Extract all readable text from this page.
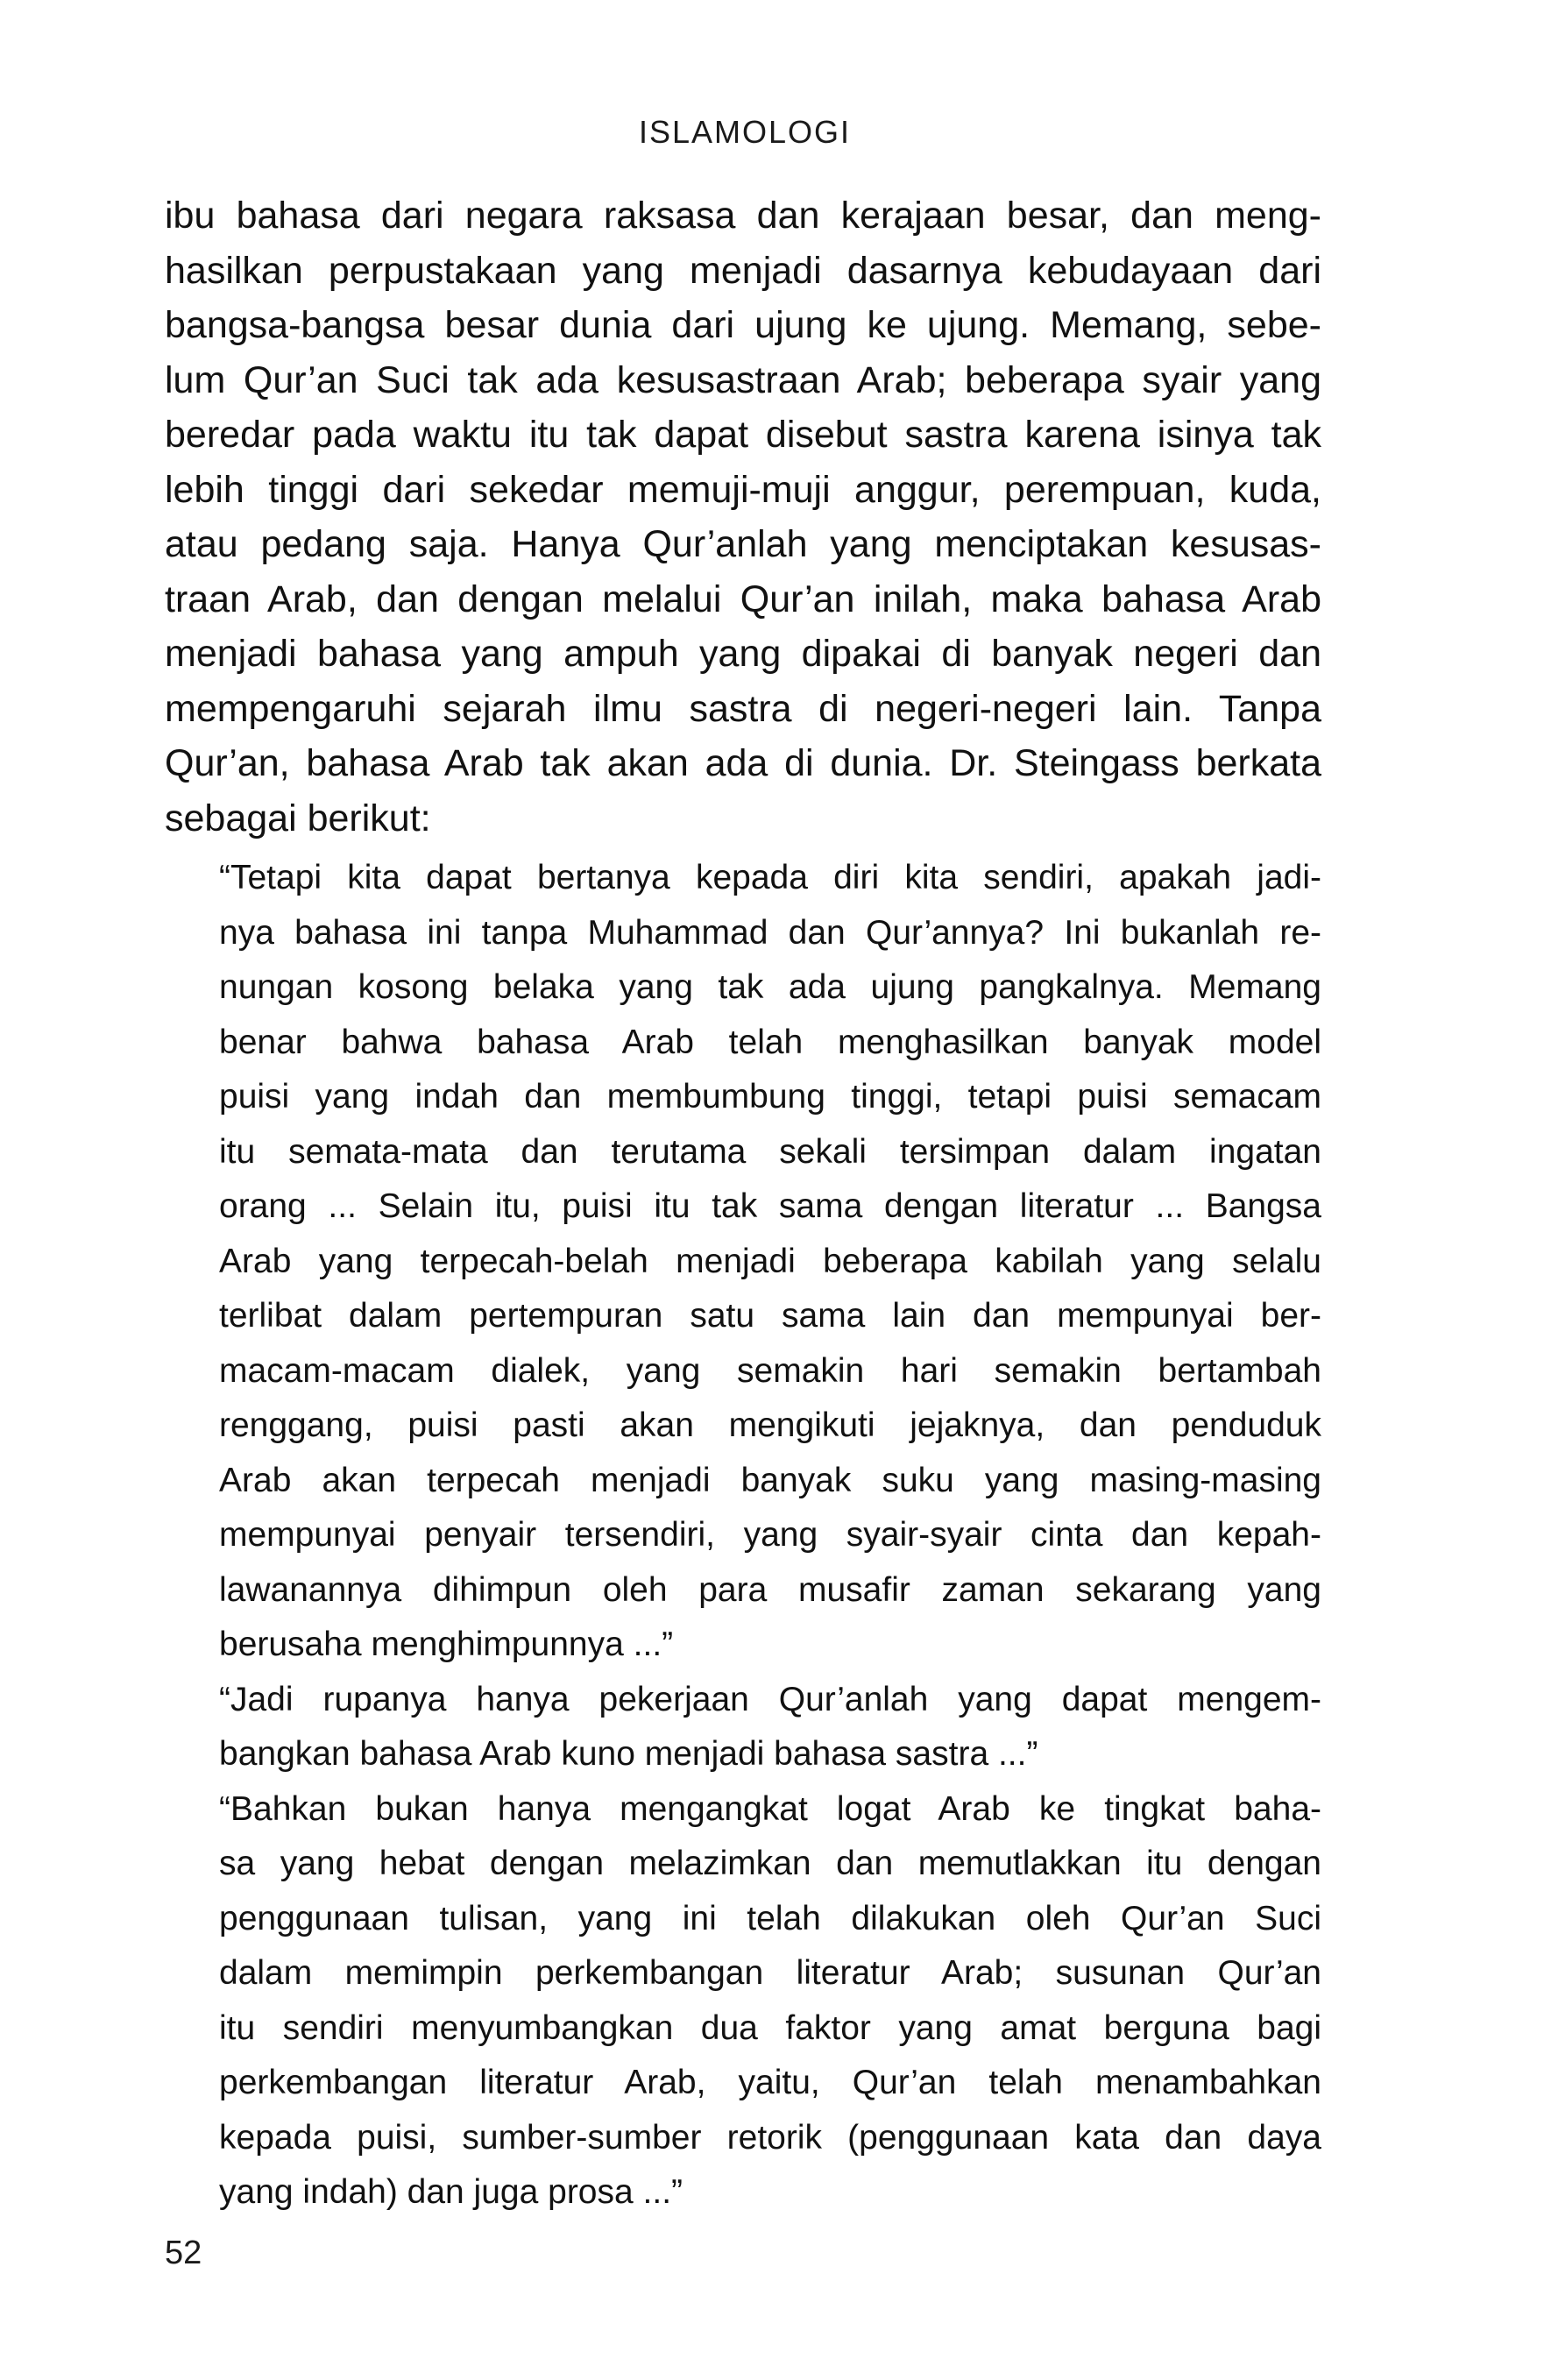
ISLAMOLOGI

ibu bahasa dari negara raksasa dan kerajaan besar, dan meng-
hasilkan perpustakaan yang menjadi dasarnya kebudayaan dari
bangsa-bangsa besar dunia dari ujung ke ujung. Memang, sebe-
lum Qur’an Suci tak ada kesusastraan Arab; beberapa syair yang
beredar pada waktu itu tak dapat disebut sastra karena isinya tak
lebih tinggi dari sekedar memuji-muji anggur, perempuan, kuda,
atau pedang saja. Hanya Qur’anlah yang menciptakan kesusas-
traan Arab, dan dengan melalui Qur’an inilah, maka bahasa Arab
menjadi bahasa yang ampuh yang dipakai di banyak negeri dan
mempengaruhi sejarah ilmu sastra di negeri-negeri lain. Tanpa
Qur’an, bahasa Arab tak akan ada di dunia. Dr. Steingass berkata
sebagai berikut:

“Tetapi kita dapat bertanya kepada diri kita sendiri, apakah jadi-
nya bahasa ini tanpa Muhammad dan Qur’annya? Ini bukanlah re-
nungan kosong belaka yang tak ada ujung pangkalnya. Memang
benar bahwa bahasa Arab telah menghasilkan banyak model
puisi yang indah dan membumbung tinggi, tetapi puisi semacam
itu semata-mata dan terutama sekali tersimpan dalam ingatan
orang ... Selain itu, puisi itu tak sama dengan literatur ... Bangsa
Arab yang terpecah-belah menjadi beberapa kabilah yang selalu
terlibat dalam pertempuran satu sama lain dan mempunyai ber-
macam-macam dialek, yang semakin hari semakin bertambah
renggang, puisi pasti akan mengikuti jejaknya, dan penduduk
Arab akan terpecah menjadi banyak suku yang masing-masing
mempunyai penyair tersendiri, yang syair-syair cinta dan kepah-
lawanannya dihimpun oleh para musafir zaman sekarang yang
berusaha menghimpunnya ...”

“Jadi rupanya hanya pekerjaan Qur’anlah yang dapat mengem-
bangkan bahasa Arab kuno menjadi bahasa sastra ...”

“Bahkan bukan hanya mengangkat logat Arab ke tingkat baha-
sa yang hebat dengan melazimkan dan memutlakkan itu dengan
penggunaan tulisan, yang ini telah dilakukan oleh Qur’an Suci
dalam memimpin perkembangan literatur Arab; susunan Qur’an
itu sendiri menyumbangkan dua faktor yang amat berguna bagi
perkembangan literatur Arab, yaitu, Qur’an telah menambahkan
kepada puisi, sumber-sumber retorik (penggunaan kata dan daya
yang indah) dan juga prosa ...”

52
